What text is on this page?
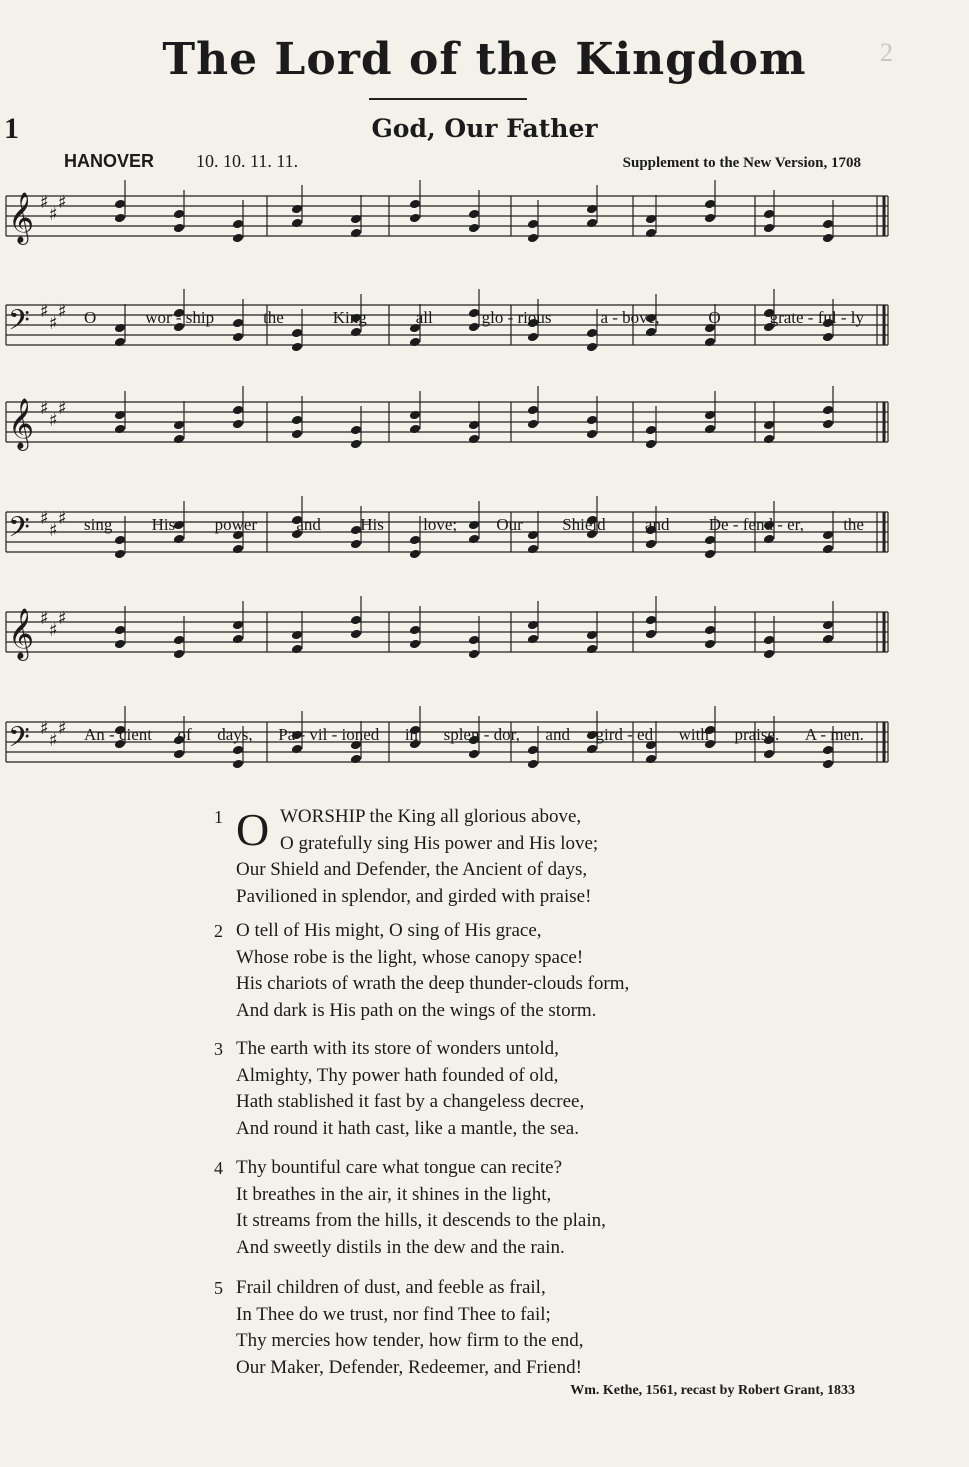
2
The Lord of the Kingdom
1	God, Our Father
HANOVER 10. 10. 11. 11.	Supplement to the New Version, 1708
𝄞 ♯
♯
♯
𝄢 ♯
♯
♯
𝄞 ♯
♯
♯
𝄢 ♯
♯
♯
𝄞 ♯
♯
♯
𝄢 ♯
♯
♯

O	wor - ship	the	King	all	glo - rious	a - bove,	O	grate - ful - ly

sing His power and His love; Our Shield and De - fend - er, the

An - cient of days, Pa - vil - ioned in splen - dor, and gird - ed with praise. A - men.

1 O WORSHIP the King all glorious above,
O gratefully sing His power and His love;
Our Shield and Defender, the Ancient of days,
Pavilioned in splendor, and girded with praise!
2 O tell of His might, O sing of His grace,
Whose robe is the light, whose canopy space!
His chariots of wrath the deep thunder-clouds form,
And dark is His path on the wings of the storm.
3 The earth with its store of wonders untold,
Almighty, Thy power hath founded of old,
Hath stablished it fast by a changeless decree,
And round it hath cast, like a mantle, the sea.
4 Thy bountiful care what tongue can recite?
It breathes in the air, it shines in the light,
It streams from the hills, it descends to the plain,
And sweetly distils in the dew and the rain.
5 Frail children of dust, and feeble as frail,
In Thee do we trust, nor find Thee to fail;
Thy mercies how tender, how firm to the end,
Our Maker, Defender, Redeemer, and Friend!
Wm. Kethe, 1561, recast by Robert Grant, 1833
